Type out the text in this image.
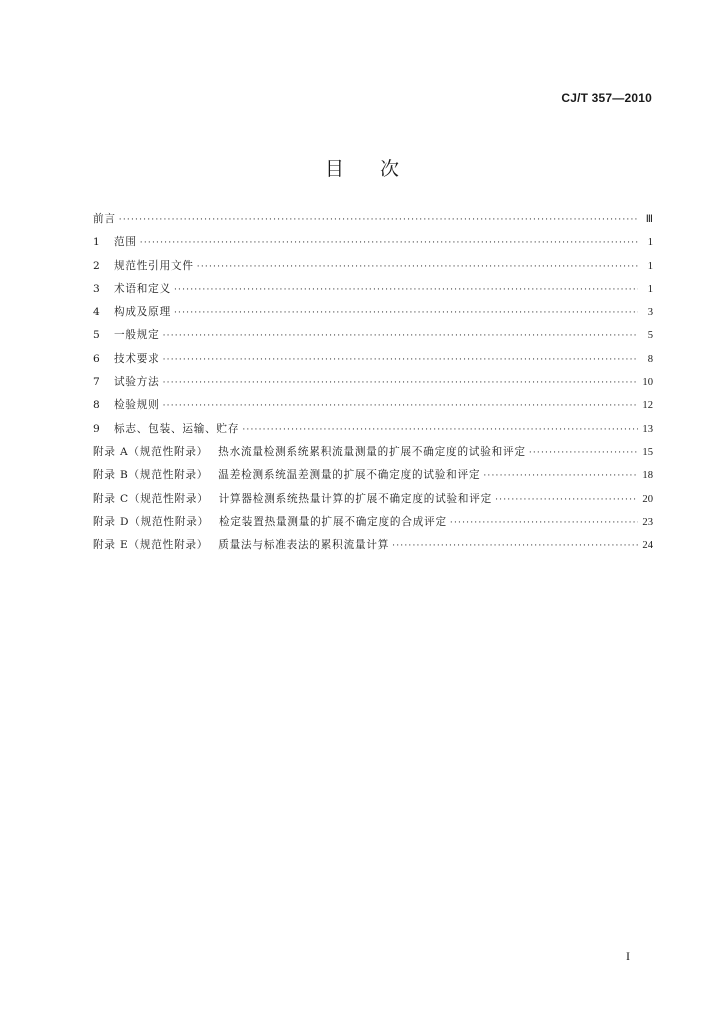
CJ/T 357—2010
目 次
前言 ·····	Ⅲ
1	范围 ·····	1
2	规范性引用文件 ·····	1
3	术语和定义 ·····	1
4	构成及原理 ·····	3
5	一般规定 ·····	5
6	技术要求 ·····	8
7	试验方法 ·····	10
8	检验规则 ·····	12
9	标志、包装、运输、贮存 ·····	13
附录 A（规范性附录） 热水流量检测系统累积流量测量的扩展不确定度的试验和评定 ·····	15
附录 B（规范性附录） 温差检测系统温差测量的扩展不确定度的试验和评定 ·····	18
附录 C（规范性附录） 计算器检测系统热量计算的扩展不确定度的试验和评定 ·····	20
附录 D（规范性附录） 检定装置热量测量的扩展不确定度的合成评定 ·····	23
附录 E（规范性附录） 质量法与标准表法的累积流量计算 ·····	24
I
